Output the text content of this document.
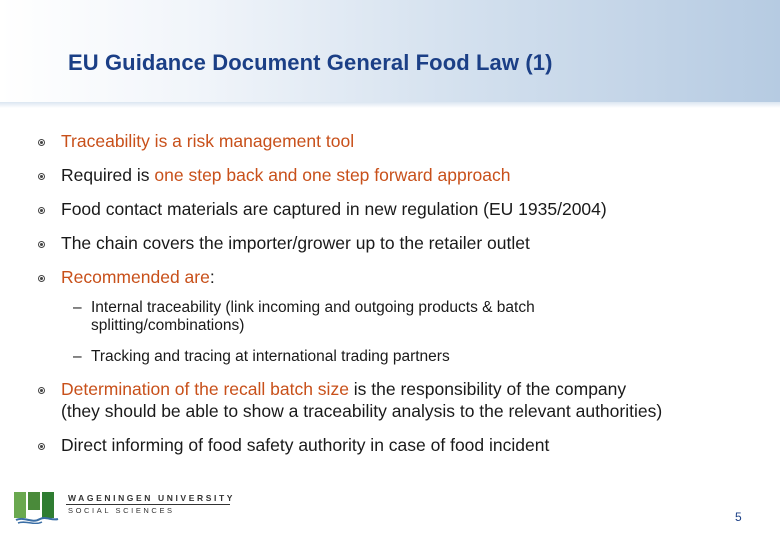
EU Guidance Document General Food Law (1)
Traceability is a risk management tool
Required is one step back and one step forward approach
Food contact materials are captured in new regulation (EU 1935/2004)
The chain covers the importer/grower up to the retailer outlet
Recommended are:
– Internal traceability (link incoming and outgoing products & batch
splitting/combinations)
– Tracking and tracing at international trading partners
Determination of the recall batch size is the responsibility of the company
(they should be able to show a traceability analysis to the relevant authorities)
Direct informing of food safety authority in case of food incident
WAGENINGEN UNIVERSITY
SOCIAL SCIENCES	5
